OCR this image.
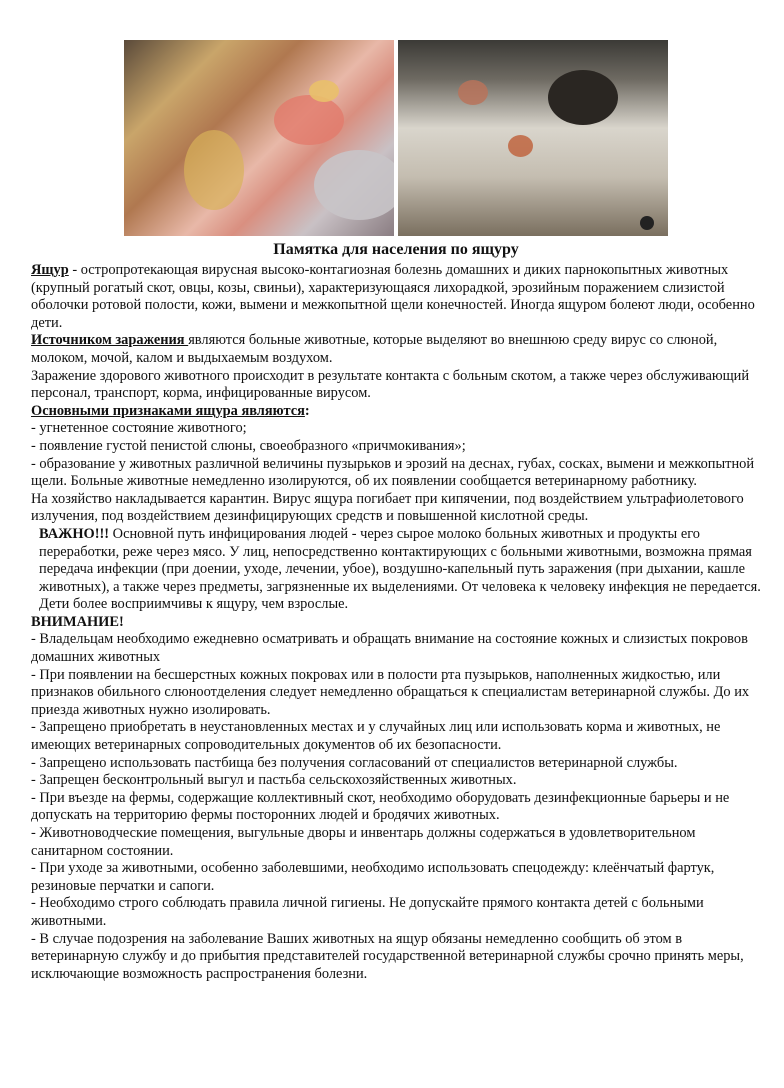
Памятка для населения по ящуру

Ящур - остропротекающая вирусная высоко-контагиозная болезнь домашних и диких парнокопытных животных (крупный рогатый скот, овцы, козы, свиньи), характеризующаяся лихорадкой, эрозийным поражением слизистой оболочки ротовой полости, кожи, вымени и межкопытной щели конечностей. Иногда ящуром болеют люди, особенно дети.

Источником заражения являются больные животные, которые выделяют во внешнюю среду вирус со слюной, молоком, мочой, калом и выдыхаемым воздухом.

Заражение здорового животного происходит в результате контакта с больным скотом, а также через обслуживающий персонал, транспорт, корма, инфицированные вирусом.

Основными признаками ящура являются:

- угнетенное состояние животного;

- появление густой пенистой слюны, своеобразного «причмокивания»;

- образование у животных различной величины пузырьков и эрозий на деснах, губах, сосках, вымени и межкопытной щели. Больные животные немедленно изолируются, об их появлении сообщается ветеринарному работнику.

На хозяйство накладывается карантин. Вирус ящура погибает при кипячении, под воздействием ультрафиолетового излучения, под воздействием дезинфицирующих средств и повышенной кислотной среды.

ВАЖНО!!! Основной путь инфицирования людей - через сырое молоко больных животных и продукты его переработки, реже через мясо. У лиц, непосредственно контактирующих с больными животными, возможна прямая передача инфекции (при доении, уходе, лечении, убое), воздушно-капельный путь заражения (при дыхании, кашле животных), а также через предметы, загрязненные их выделениями. От человека к человеку инфекция не передается. Дети более восприимчивы к ящуру, чем взрослые.

ВНИМАНИЕ!

- Владельцам необходимо ежедневно осматривать и обращать внимание на состояние кожных и слизистых покровов домашних животных

- При появлении на бесшерстных кожных покровах или в полости рта пузырьков, наполненных жидкостью, или признаков обильного слюноотделения следует немедленно обращаться к специалистам ветеринарной службы. До их приезда животных нужно изолировать.

- Запрещено приобретать в неустановленных местах и у случайных лиц или использовать корма и животных, не имеющих ветеринарных сопроводительных документов об их безопасности.

- Запрещено использовать пастбища без получения согласований от специалистов ветеринарной службы.

- Запрещен бесконтрольный выгул и пастьба сельскохозяйственных животных.

- При въезде на фермы, содержащие коллективный скот, необходимо оборудовать дезинфекционные барьеры и не допускать на территорию фермы посторонних людей и бродячих животных.

- Животноводческие помещения, выгульные дворы и инвентарь должны содержаться в удовлетворительном санитарном состоянии.

- При уходе за животными, особенно заболевшими, необходимо использовать спецодежду: клеёнчатый фартук, резиновые перчатки и сапоги.

- Необходимо строго соблюдать правила личной гигиены. Не допускайте прямого контакта детей с больными животными.

- В случае подозрения на заболевание Ваших животных на ящур обязаны немедленно сообщить об этом в ветеринарную службу и до прибытия представителей государственной ветеринарной службы срочно принять меры, исключающие возможность распространения болезни.
